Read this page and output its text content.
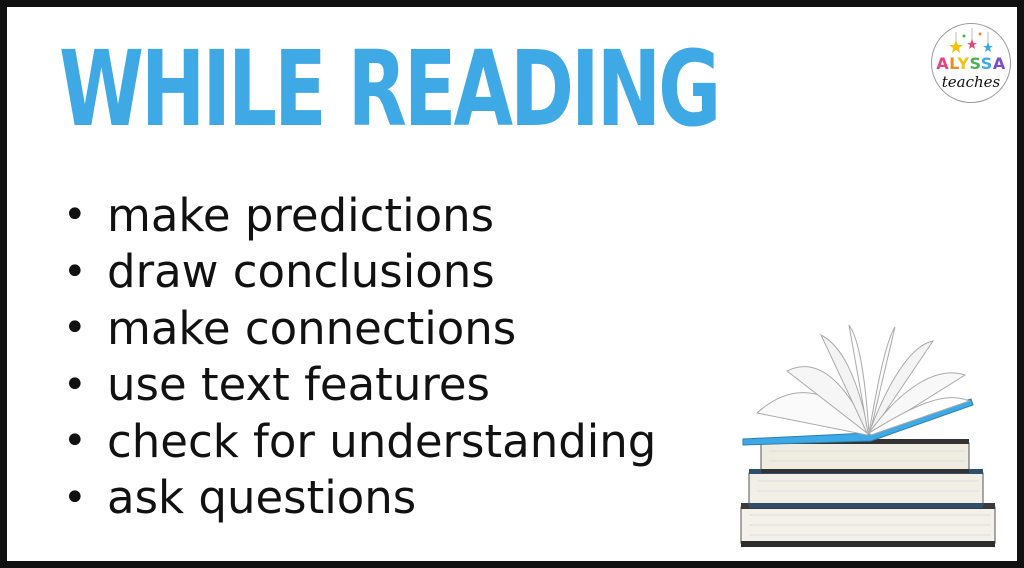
WHILE READING	ALYSSA
teaches
• make predictions
• draw conclusions
• make connections
• use text features
• check for understanding
• ask questions
